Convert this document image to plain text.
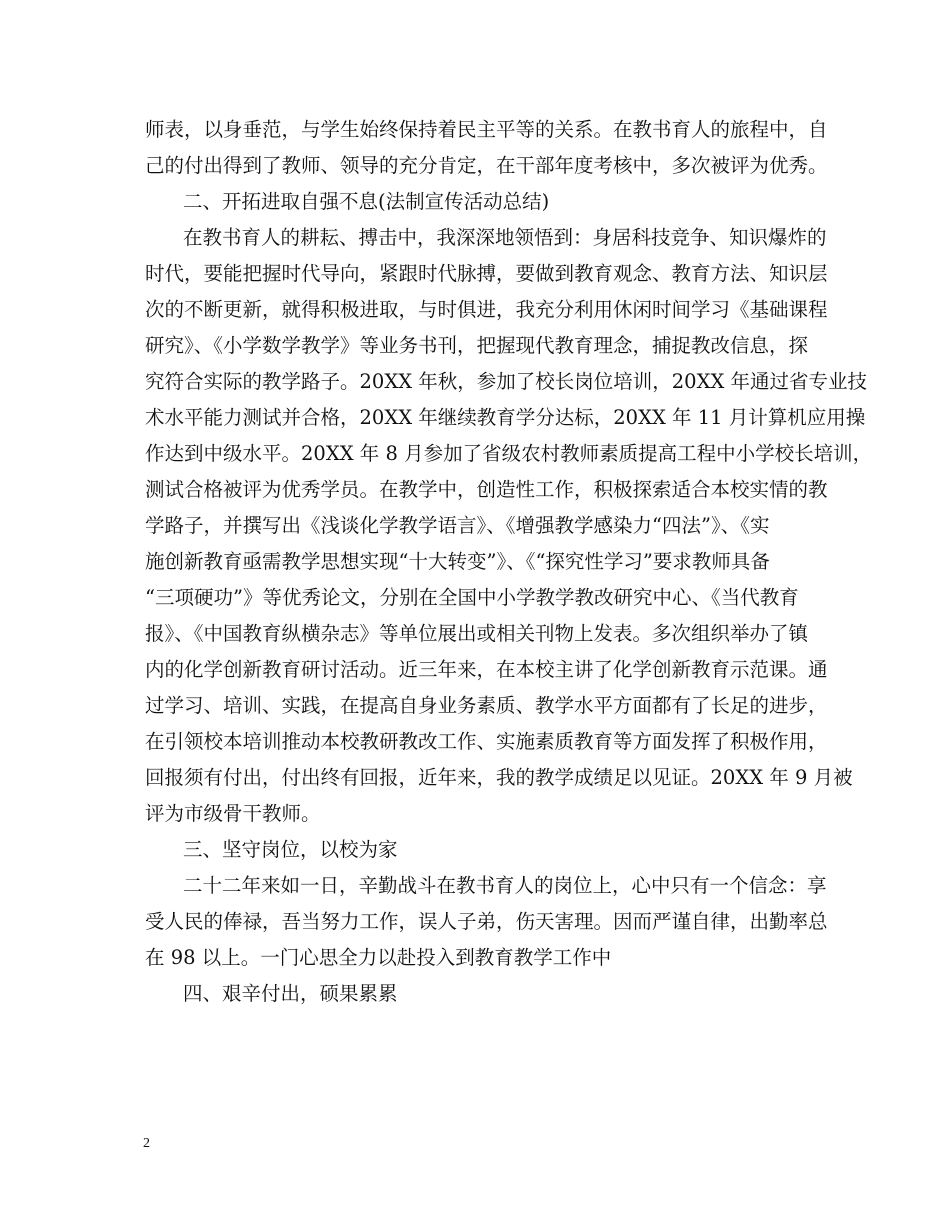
师表，以身垂范，与学生始终保持着民主平等的关系。在教书育人的旅程中，自
己的付出得到了教师、领导的充分肯定，在干部年度考核中，多次被评为优秀。
二、开拓进取自强不息(法制宣传活动总结)
在教书育人的耕耘、搏击中，我深深地领悟到：身居科技竞争、知识爆炸的
时代，要能把握时代导向，紧跟时代脉搏，要做到教育观念、教育方法、知识层
次的不断更新，就得积极进取，与时俱进，我充分利用休闲时间学习《基础课程
研究》、《小学数学教学》等业务书刊，把握现代教育理念，捕捉教改信息，探
究符合实际的教学路子。20XX 年秋，参加了校长岗位培训，20XX 年通过省专业技
术水平能力测试并合格，20XX 年继续教育学分达标，20XX 年 11 月计算机应用操
作达到中级水平。20XX 年 8 月参加了省级农村教师素质提高工程中小学校长培训，
测试合格被评为优秀学员。在教学中，创造性工作，积极探索适合本校实情的教
学路子，并撰写出《浅谈化学教学语言》、《增强教学感染力“四法”》、《实
施创新教育亟需教学思想实现“十大转变”》、《“探究性学习”要求教师具备
“三项硬功”》等优秀论文，分别在全国中小学教学教改研究中心、《当代教育
报》、《中国教育纵横杂志》等单位展出或相关刊物上发表。多次组织举办了镇
内的化学创新教育研讨活动。近三年来，在本校主讲了化学创新教育示范课。通
过学习、培训、实践，在提高自身业务素质、教学水平方面都有了长足的进步，
在引领校本培训推动本校教研教改工作、实施素质教育等方面发挥了积极作用，
回报须有付出，付出终有回报，近年来，我的教学成绩足以见证。20XX 年 9 月被
评为市级骨干教师。
三、坚守岗位，以校为家
二十二年来如一日，辛勤战斗在教书育人的岗位上，心中只有一个信念：享
受人民的俸禄，吾当努力工作，误人子弟，伤天害理。因而严谨自律，出勤率总
在 98 以上。一门心思全力以赴投入到教育教学工作中
四、艰辛付出，硕果累累
2
